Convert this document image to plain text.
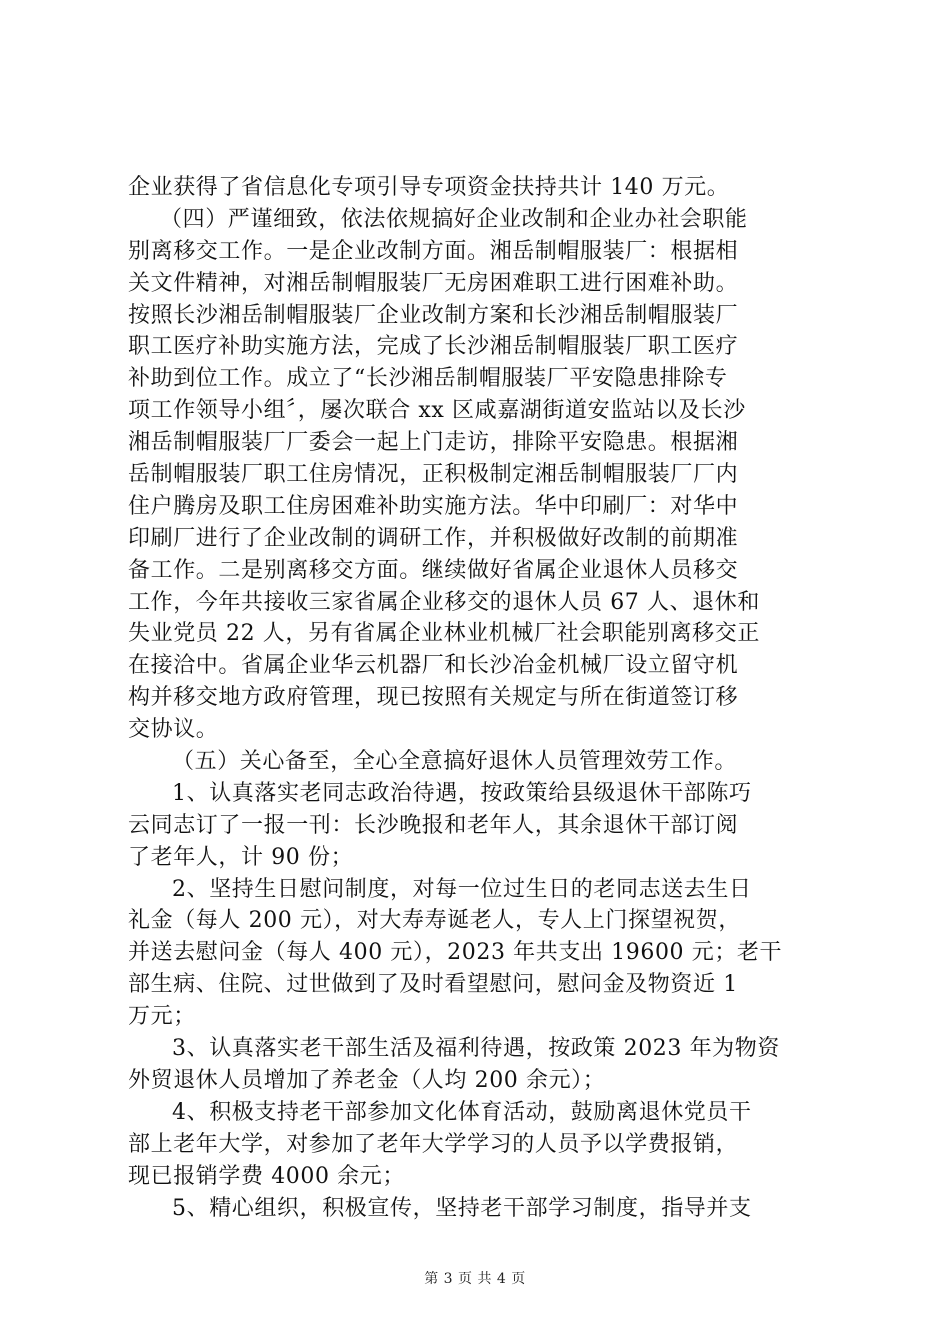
企业获得了省信息化专项引导专项资金扶持共计 140 万元。
（四）严谨细致，依法依规搞好企业改制和企业办社会职能
别离移交工作。一是企业改制方面。湘岳制帽服装厂：根据相
关文件精神，对湘岳制帽服装厂无房困难职工进行困难补助。
按照长沙湘岳制帽服装厂企业改制方案和长沙湘岳制帽服装厂
职工医疗补助实施方法，完成了长沙湘岳制帽服装厂职工医疗
补助到位工作。成立了“长沙湘岳制帽服装厂平安隐患排除专
项工作领导小组〞，屡次联合 xx 区咸嘉湖街道安监站以及长沙
湘岳制帽服装厂厂委会一起上门走访，排除平安隐患。根据湘
岳制帽服装厂职工住房情况，正积极制定湘岳制帽服装厂厂内
住户腾房及职工住房困难补助实施方法。华中印刷厂：对华中
印刷厂进行了企业改制的调研工作，并积极做好改制的前期准
备工作。二是别离移交方面。继续做好省属企业退休人员移交
工作，今年共接收三家省属企业移交的退休人员 67 人、退休和
失业党员 22 人，另有省属企业林业机械厂社会职能别离移交正
在接洽中。省属企业华云机器厂和长沙冶金机械厂设立留守机
构并移交地方政府管理，现已按照有关规定与所在街道签订移
交协议。
（五）关心备至，全心全意搞好退休人员管理效劳工作。
1、认真落实老同志政治待遇，按政策给县级退休干部陈巧
云同志订了一报一刊：长沙晚报和老年人，其余退休干部订阅
了老年人，计 90 份；
2、坚持生日慰问制度，对每一位过生日的老同志送去生日
礼金（每人 200 元），对大寿寿诞老人，专人上门探望祝贺，
并送去慰问金（每人 400 元），2023 年共支出 19600 元；老干
部生病、住院、过世做到了及时看望慰问，慰问金及物资近 1
万元；
3、认真落实老干部生活及福利待遇，按政策 2023 年为物资
外贸退休人员增加了养老金（人均 200 余元）；
4、积极支持老干部参加文化体育活动，鼓励离退休党员干
部上老年大学，对参加了老年大学学习的人员予以学费报销，
现已报销学费 4000 余元；
5、精心组织，积极宣传，坚持老干部学习制度，指导并支
第 3 页 共 4 页
